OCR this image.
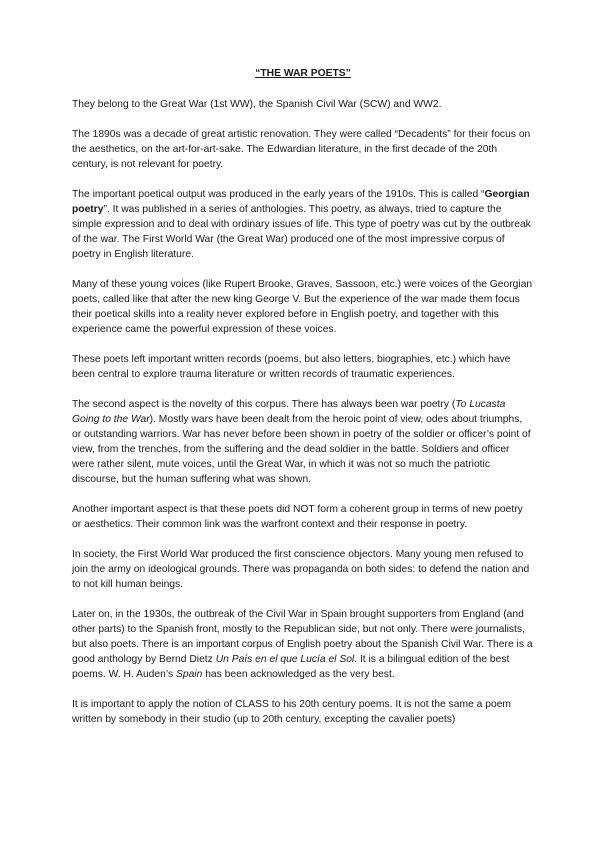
“THE WAR POETS”

They belong to the Great War (1st WW), the Spanish Civil War (SCW) and WW2.

The 1890s was a decade of great artistic renovation. They were called “Decadents” for their focus on the aesthetics, on the art-for-art-sake. The Edwardian literature, in the first decade of the 20th century, is not relevant for poetry.

The important poetical output was produced in the early years of the 1910s. This is called “Georgian poetry”. It was published in a series of anthologies. This poetry, as always, tried to capture the simple expression and to deal with ordinary issues of life. This type of poetry was cut by the outbreak of the war. The First World War (the Great War) produced one of the most impressive corpus of poetry in English literature.

Many of these young voices (like Rupert Brooke, Graves, Sassoon, etc.) were voices of the Georgian poets, called like that after the new king George V. But the experience of the war made them focus their poetical skills into a reality never explored before in English poetry, and together with this experience came the powerful expression of these voices.

These poets left important written records (poems, but also letters, biographies, etc.) which have been central to explore trauma literature or written records of traumatic experiences.

The second aspect is the novelty of this corpus. There has always been war poetry (To Lucasta Going to the War). Mostly wars have been dealt from the heroic point of view, odes about triumphs, or outstanding warriors. War has never before been shown in poetry of the soldier or officer’s point of view, from the trenches, from the suffering and the dead soldier in the battle. Soldiers and officer were rather silent, mute voices, until the Great War, in which it was not so much the patriotic discourse, but the human suffering what was shown.

Another important aspect is that these poets did NOT form a coherent group in terms of new poetry or aesthetics. Their common link was the warfront context and their response in poetry.

In society, the First World War produced the first conscience objectors. Many young men refused to join the army on ideological grounds. There was propaganda on both sides: to defend the nation and to not kill human beings.

Later on, in the 1930s, the outbreak of the Civil War in Spain brought supporters from England (and other parts) to the Spanish front, mostly to the Republican side, but not only. There were journalists, but also poets. There is an important corpus of English poetry about the Spanish Civil War. There is a good anthology by Bernd Dietz Un País en el que Lucía el Sol. It is a bilingual edition of the best poems. W. H. Auden’s Spain has been acknowledged as the very best.

It is important to apply the notion of CLASS to his 20th century poems. It is not the same a poem written by somebody in their studio (up to 20th century, excepting the cavalier poets)
